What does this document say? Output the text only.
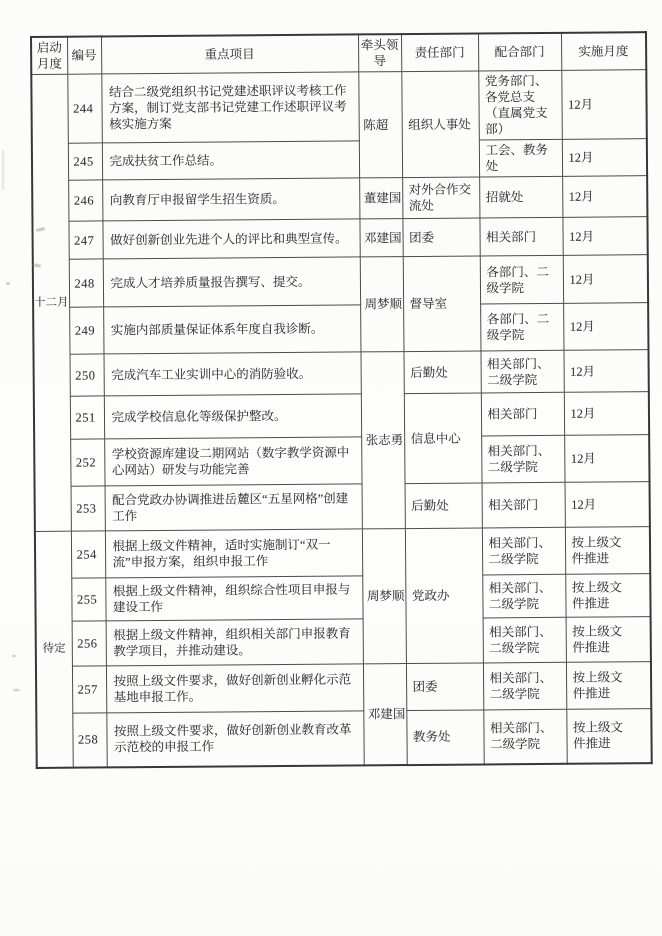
启动月度	编号	重点项目	牵头领导	责任部门	配合部门	实施月度
十二月	244	结合二级党组织书记党建述职评议考核工作方案，制订党支部书记党建工作述职评议考核实施方案	陈超	组织人事处	党务部门、各党总支（直属党支部）	12月
	245	完成扶贫工作总结。			工会、教务处	12月
	246	向教育厅申报留学生招生资质。	董建国	对外合作交流处	招就处	12月
	247	做好创新创业先进个人的评比和典型宣传。	邓建国	团委	相关部门	12月
	248	完成人才培养质量报告撰写、提交。	周梦顺	督导室	各部门、二级学院	12月
	249	实施内部质量保证体系年度自我诊断。			各部门、二级学院	12月
	250	完成汽车工业实训中心的消防验收。	张志勇	后勤处	相关部门、二级学院	12月
	251	完成学校信息化等级保护整改。		信息中心	相关部门	12月
	252	学校资源库建设二期网站（数字教学资源中心网站）研发与功能完善			相关部门、二级学院	12月
	253	配合党政办协调推进岳麓区“五星网格”创建工作		后勤处	相关部门	12月
待定	254	根据上级文件精神，适时实施制订“双一流”申报方案，组织申报工作	周梦顺	党政办	相关部门、二级学院	按上级文件推进
	255	根据上级文件精神，组织综合性项目申报与建设工作			相关部门、二级学院	按上级文件推进
	256	根据上级文件精神，组织相关部门申报教育教学项目，并推动建设。			相关部门、二级学院	按上级文件推进
	257	按照上级文件要求，做好创新创业孵化示范基地申报工作。	邓建国	团委	相关部门、二级学院	按上级文件推进
	258	按照上级文件要求，做好创新创业教育改革示范校的申报工作		教务处	相关部门、二级学院	按上级文件推进
